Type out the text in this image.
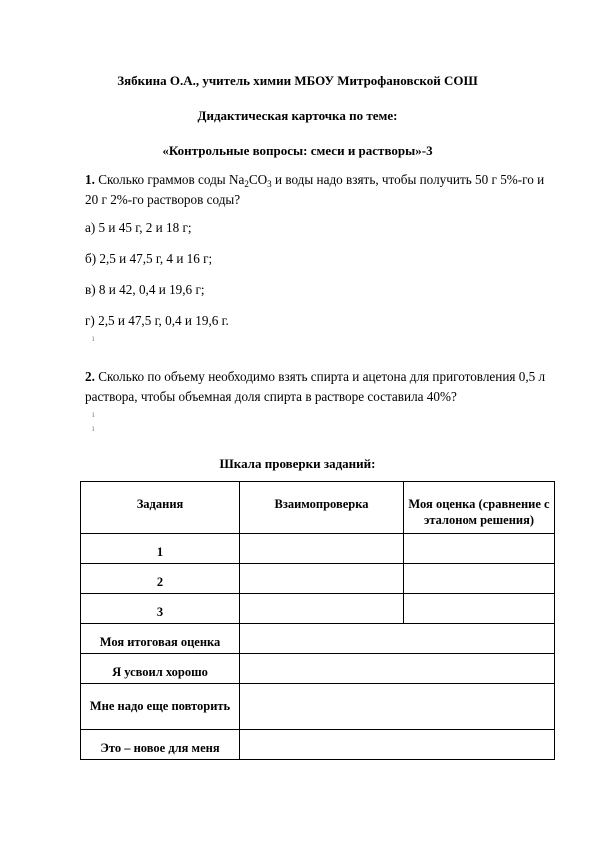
Зябкина О.А., учитель химии МБОУ Митрофановской СОШ
Дидактическая карточка по теме:
«Контрольные вопросы: смеси и растворы»-3
1. Сколько граммов соды $Na_2CO_3$ и воды надо взять, чтобы получить 50 г 5%-го и 20 г 2%-го растворов соды?
а) 5 и 45 г, 2 и 18 г;
б) 2,5 и 47,5 г, 4 и 16 г;
в) 8 и 42, 0,4 и 19,6 г;
г) 2,5 и 47,5 г, 0,4 и 19,6 г.
ı
2. Сколько по объему необходимо взять спирта и ацетона для приготовления 0,5 л раствора, чтобы объемная доля спирта в растворе составила 40%?
ı
ı
Шкала проверки заданий:
Задания	Взаимопроверка	Моя оценка (сравнение с эталоном решения)
1		
2		
3		
Моя итоговая оценка		
Я усвоил хорошо		
Мне надо еще повторить		
Это – новое для меня		
